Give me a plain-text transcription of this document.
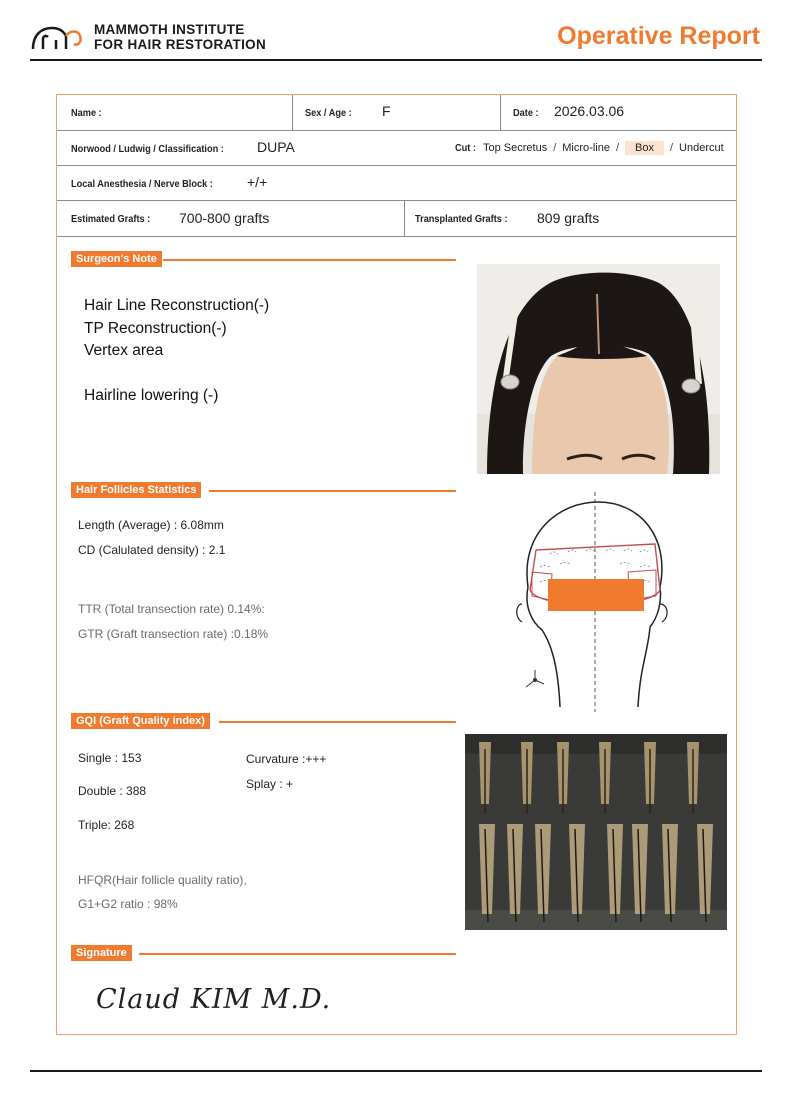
MAMMOTH INSTITUTE
FOR HAIR RESTORATION	Operative Report
Name :	Sex / Age : F	Date : 2026.03.06
Norwood / Ludwig / Classification : DUPA	Cut : Top Secretus / Micro-line / Box / Undercut
Local Anesthesia / Nerve Block : +/+
Estimated Grafts : 700-800 grafts	Transplanted Grafts : 809 grafts
Surgeon's Note
Hair Line Reconstruction(-)
TP Reconstruction(-)
Vertex area
Hairline lowering (-)
Hair Follicles Statistics
Length (Average) : 6.08mm
CD (Calulated density) : 2.1
TTR (Total transection rate) 0.14%:
GTR (Graft transection rate) :0.18%
GQI (Graft Quality index)
Single : 153
Double : 388
Triple: 268
Curvature :+++
Splay : +
HFQR(Hair follicle quality ratio),
G1+G2 ratio : 98%
Signature
Claud KIM M.D.
